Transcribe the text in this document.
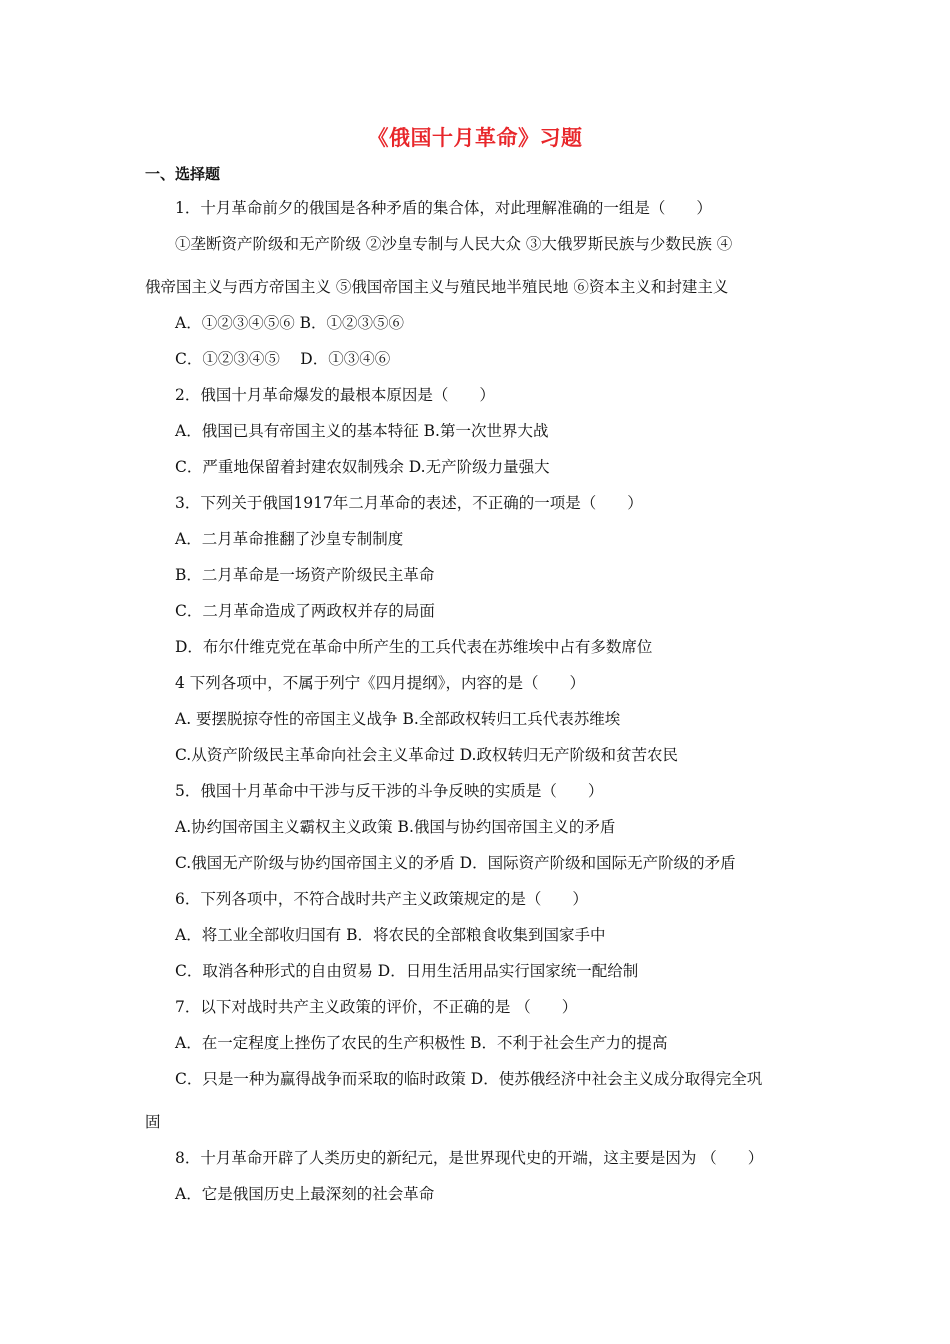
《俄国十月革命》习题
一、选择题
1．十月革命前夕的俄国是各种矛盾的集合体，对此理解准确的一组是（　　）
①垄断资产阶级和无产阶级 ②沙皇专制与人民大众 ③大俄罗斯民族与少数民族 ④
俄帝国主义与西方帝国主义 ⑤俄国帝国主义与殖民地半殖民地 ⑥资本主义和封建主义
A．①②③④⑤⑥ B．①②③⑤⑥
C．①②③④⑤　 D．①③④⑥
2．俄国十月革命爆发的最根本原因是（　　）
A．俄国已具有帝国主义的基本特征 B.第一次世界大战
C．严重地保留着封建农奴制残余 D.无产阶级力量强大
3．下列关于俄国1917年二月革命的表述，不正确的一项是（　　）
A．二月革命推翻了沙皇专制制度
B．二月革命是一场资产阶级民主革命
C．二月革命造成了两政权并存的局面
D．布尔什维克党在革命中所产生的工兵代表在苏维埃中占有多数席位
4 下列各项中，不属于列宁《四月提纲》，内容的是（　　）
A. 要摆脱掠夺性的帝国主义战争 B.全部政权转归工兵代表苏维埃
C.从资产阶级民主革命向社会主义革命过 D.政权转归无产阶级和贫苦农民
5．俄国十月革命中干涉与反干涉的斗争反映的实质是（　　）
A.协约国帝国主义霸权主义政策 B.俄国与协约国帝国主义的矛盾
C.俄国无产阶级与协约国帝国主义的矛盾 D．国际资产阶级和国际无产阶级的矛盾
6．下列各项中，不符合战时共产主义政策规定的是（　　）
A．将工业全部收归国有 B．将农民的全部粮食收集到国家手中
C．取消各种形式的自由贸易 D．日用生活用品实行国家统一配给制
7．以下对战时共产主义政策的评价，不正确的是 （　　）
A．在一定程度上挫伤了农民的生产积极性 B．不利于社会生产力的提高
C．只是一种为赢得战争而采取的临时政策 D．使苏俄经济中社会主义成分取得完全巩
固
8．十月革命开辟了人类历史的新纪元，是世界现代史的开端，这主要是因为 （　　）
A．它是俄国历史上最深刻的社会革命
